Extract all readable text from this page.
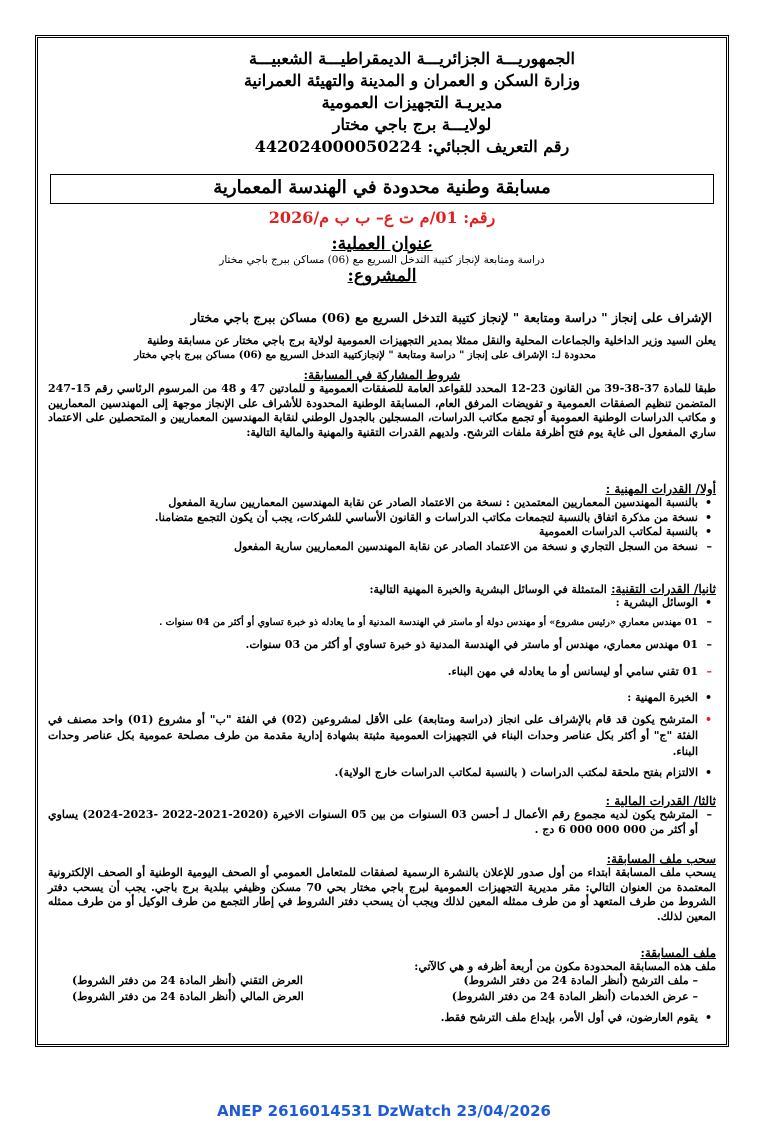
الجمهوريـــة الجزائريـــة الديمقراطيـــة الشعبيـــة
وزارة السكن و العمران و المدينة والتهيئة العمرانية
مديريـة التجهيزات العمومية
لولايـــة برج باجي مختار
رقم التعريف الجبائي: 442024000050224
مسابقة وطنية محدودة في الهندسة المعمارية
رقم: 01/م ت ع– ب ب م/2026
عنوان العملية:
دراسة ومتابعة لإنجاز كتيبة التدخل السريع مع (06) مساكن ببرج باجي مختار
المشروع:
الإشراف على إنجاز " دراسة ومتابعة " لإنجاز كتيبة التدخل السريع مع (06) مساكن ببرج باجي مختار
يعلن السيد وزير الداخلية والجماعات المحلية والنقل ممثلا بمدير التجهيزات العمومية لولاية برج باجي مختار عن مسابقة وطنية
محدودة لـ: الإشراف على إنجاز " دراسة ومتابعة " لإنجازكتيبة التدخل السريع مع (06) مساكن ببرج باجي مختار
شروط المشاركة في المسابقة:
طبقا للمادة 37-38-39 من القانون 23-12 المحدد للقواعد العامة للصفقات العمومية و للمادتين 47 و 48 من المرسوم الرئاسي رقم 15-247 المتضمن تنظيم الصفقات العمومية و تفويضات المرفق العام، المسابقة الوطنية المحدودة للأشراف على الإنجاز موجهة إلى المهندسين المعماريين و مكاتب الدراسات الوطنية العمومية أو تجمع مكاتب الدراسات، المسجلين بالجدول الوطني لنقابة المهندسين المعماريين و المتحصلين على الاعتماد ساري المفعول الى غاية يوم فتح أظرفة ملفات الترشح. ولديهم القدرات التقنية والمهنية والمالية التالية:
أولا/ القدرات المهنية :
•
بالنسبة المهندسين المعماريين المعتمدين : نسخة من الاعتماد الصادر عن نقابة المهندسين المعماريين سارية المفعول
•
نسخة من مذكرة اتفاق بالنسبة لتجمعات مكاتب الدراسات و القانون الأساسي للشركات، يجب أن يكون التجمع متضامنا.
•
بالنسبة لمكاتب الدراسات العمومية
–
نسخة من السجل التجاري و نسخة من الاعتماد الصادر عن نقابة المهندسين المعماريين سارية المفعول
ثانيا/ القدرات التقنية: المتمثلة في الوسائل البشرية والخبرة المهنية التالية:
•
الوسائل البشرية :
–
01 مهندس معماري «رئيس مشروع» أو مهندس دولة أو ماستر في الهندسة المدنية أو ما يعادله ذو خبرة تساوي أو أكثر من 04 سنوات .
–
01 مهندس معماري، مهندس أو ماستر في الهندسة المدنية ذو خبرة تساوي أو أكثر من 03 سنوات.
–
01 تقني سامي أو ليسانس أو ما يعادله في مهن البناء.
•
الخبرة المهنية :
•
المترشح يكون قد قام بالإشراف على انجاز (دراسة ومتابعة) على الأقل لمشروعين (02) في الفئة "ب" أو مشروع (01) واحد مصنف في الفئة "ج" أو أكثر بكل عناصر وحدات البناء في التجهيزات العمومية مثبتة بشهادة إدارية مقدمة من طرف مصلحة عمومية بكل عناصر وحدات البناء.
•
الالتزام بفتح ملحقة لمكتب الدراسات ( بالنسبة لمكاتب الدراسات خارج الولاية).
ثالثا/ القدرات المالية :
–
المترشح يكون لديه مجموع رقم الأعمال لـ أحسن 03 السنوات من بين 05 السنوات الاخيرة (2020-2021-2022 -2023-2024) يساوي أو أكثر من 000 000 000 6 دج .
سحب ملف المسابقة:
يسحب ملف المسابقة ابتداء من أول صدور للإعلان بالنشرة الرسمية لصفقات للمتعامل العمومي أو الصحف اليومية الوطنية أو الصحف الإلكترونية المعتمدة من العنوان التالي: مقر مديرية التجهيزات العمومية لبرج باجي مختار بحي 70 مسكن وظيفي ببلدية برج باجي. يجب أن يسحب دفتر الشروط من طرف المتعهد أو من طرف ممثله المعين لذلك ويجب أن يسحب دفتر الشروط في إطار التجمع من طرف الوكيل أو من طرف ممثله المعين لذلك.
ملف المسابقة:
ملف هذه المسابقة المحدودة مكون من أربعة أظرفه و هي كالآتي:
– ملف الترشح (أنظر المادة 24 من دفتر الشروط)
العرض التقني (أنظر المادة 24 من دفتر الشروط)
– عرض الخدمات (أنظر المادة 24 من دفتر الشروط)
العرض المالي (أنظر المادة 24 من دفتر الشروط)
•
يقوم العارضون، في أول الأمر، بإيداع ملف الترشح فقط.
ANEP 2616014531 DzWatch 23/04/2026
